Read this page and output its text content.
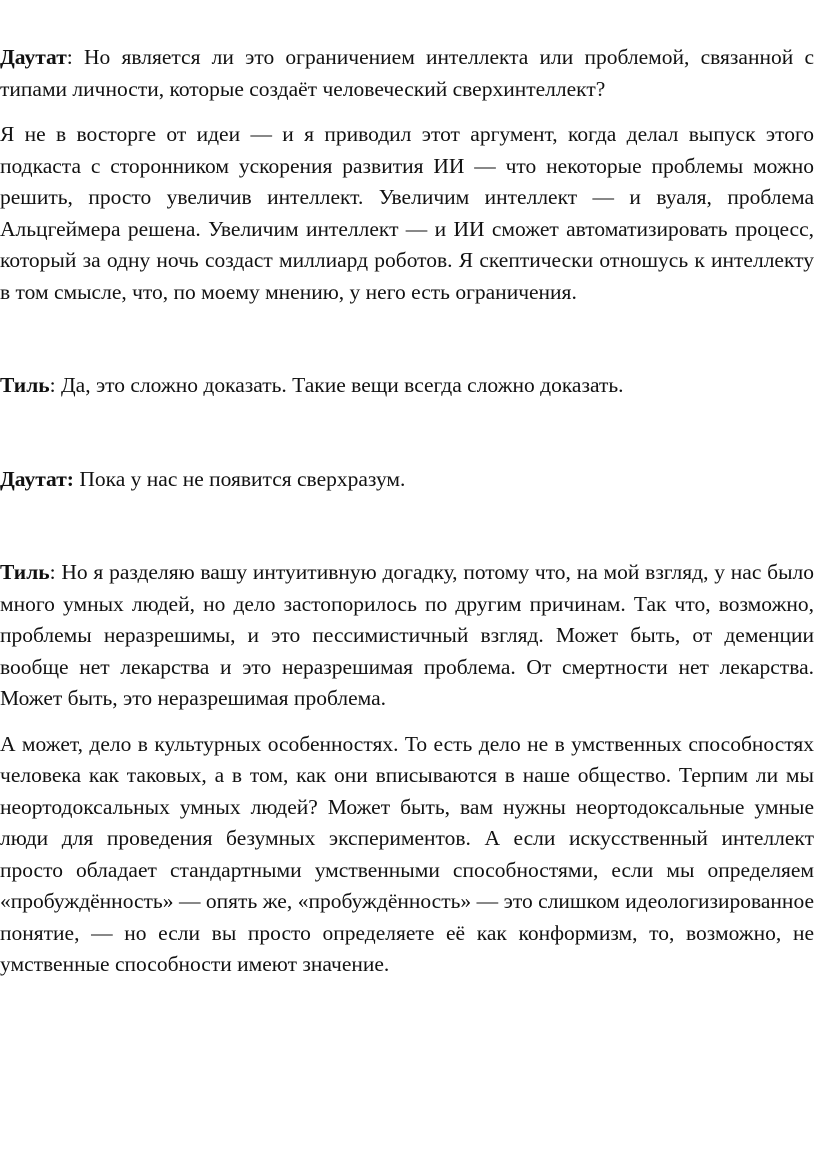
Даутат: Но является ли это ограничением интеллекта или проблемой, связанной с типами личности, которые создаёт человеческий сверхинтеллект?

Я не в восторге от идеи — и я приводил этот аргумент, когда делал выпуск этого подкаста с сторонником ускорения развития ИИ — что некоторые проблемы можно решить, просто увеличив интеллект. Увеличим интеллект — и вуаля, проблема Альцгеймера решена. Увеличим интеллект — и ИИ сможет автоматизировать процесс, который за одну ночь создаст миллиард роботов. Я скептически отношусь к интеллекту в том смысле, что, по моему мнению, у него есть ограничения.

Тиль: Да, это сложно доказать. Такие вещи всегда сложно доказать.

Даутат: Пока у нас не появится сверхразум.

Тиль: Но я разделяю вашу интуитивную догадку, потому что, на мой взгляд, у нас было много умных людей, но дело застопорилось по другим причинам. Так что, возможно, проблемы неразрешимы, и это пессимистичный взгляд. Может быть, от деменции вообще нет лекарства и это неразрешимая проблема. От смертности нет лекарства. Может быть, это неразрешимая проблема.

А может, дело в культурных особенностях. То есть дело не в умственных способностях человека как таковых, а в том, как они вписываются в наше общество. Терпим ли мы неортодоксальных умных людей? Может быть, вам нужны неортодоксальные умные люди для проведения безумных экспериментов. А если искусственный интеллект просто обладает стандартными умственными способностями, если мы определяем «пробуждённость» — опять же, «пробуждённость» — это слишком идеологизированное понятие, — но если вы просто определяете её как конформизм, то, возможно, не умственные способности имеют значение.
